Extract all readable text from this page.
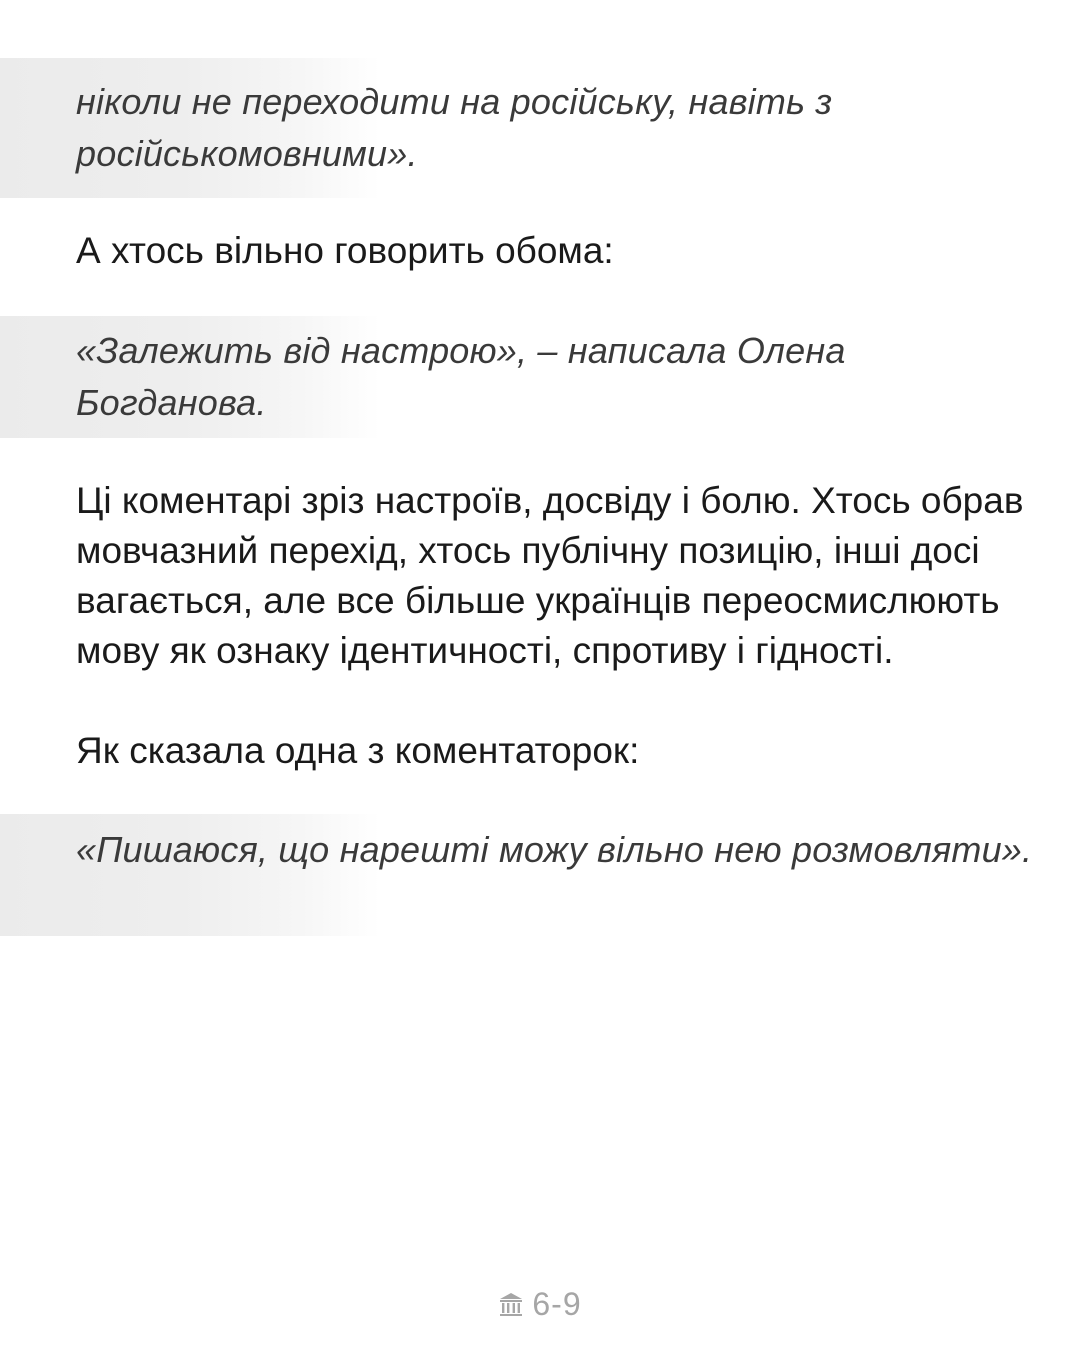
ніколи не переходити на російську, навіть з російськомовними».

А хтось вільно говорить обома:

«Залежить від настрою», – написала Олена Богданова.

Ці коментарі зріз настроїв, досвіду і болю. Хтось обрав мовчазний перехід, хтось публічну позицію, інші досі вагається, але все більше українців переосмислюють мову як ознаку ідентичності, спротиву і гідності.

Як сказала одна з коментаторок:

«Пишаюся, що нарешті можу вільно нею розмовляти».

6-9
